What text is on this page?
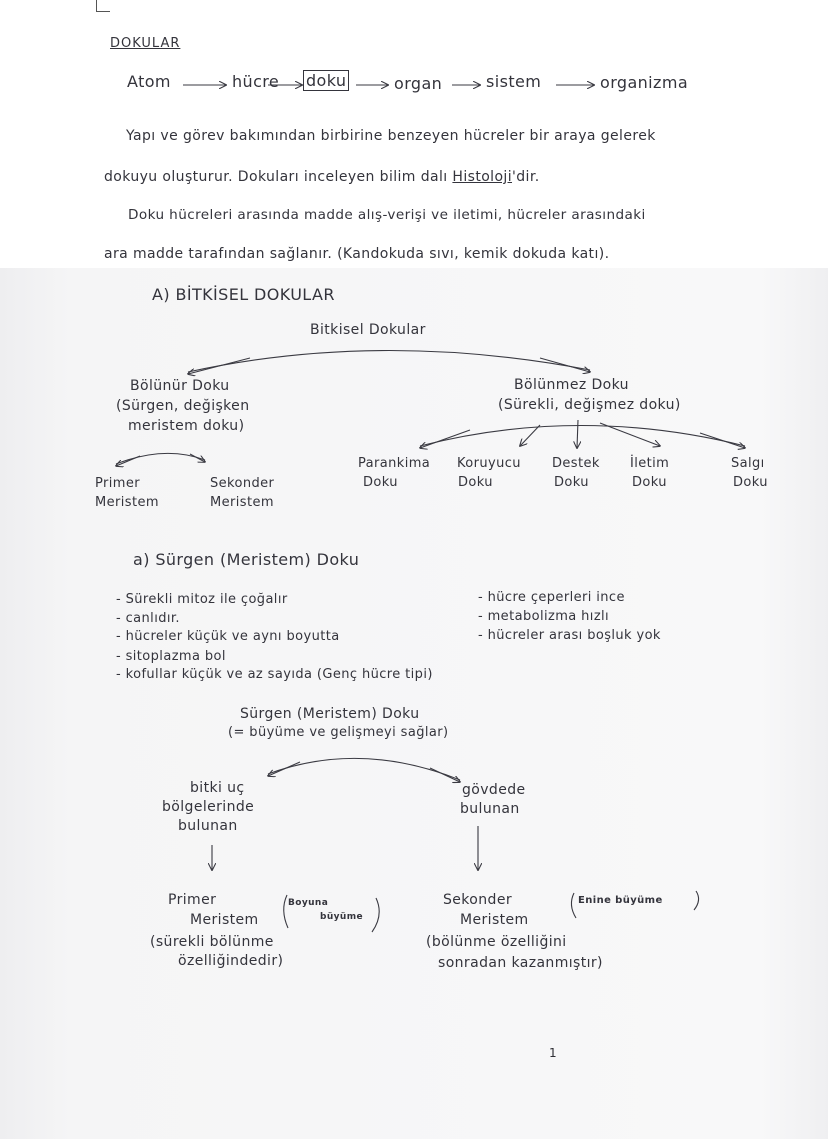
DOKULAR
Atom	hücre doku	organ	sistem	organizma
Yapı ve görev bakımından birbirine benzeyen hücreler bir araya gelerek
dokuyu oluşturur. Dokuları inceleyen bilim dalı Histoloji'dir.
Doku hücreleri arasında madde alış-verişi ve iletimi, hücreler arasındaki
ara madde tarafından sağlanır. (Kandokuda sıvı, kemik dokuda katı).
A) BİTKİSEL DOKULAR
Bitkisel Dokular
Bölünür Doku
(Sürgen, değişken
meristem doku)
Bölünmez Doku
(Sürekli, değişmez doku)
Primer
Meristem
Sekonder
Meristem
Parankima
Doku
Koruyucu
Doku
Destek
Doku
İletim
Doku
Salgı
Doku
a) Sürgen (Meristem) Doku
- Sürekli mitoz ile çoğalır
- canlıdır.
- hücreler küçük ve aynı boyutta
- sitoplazma bol
- kofullar küçük ve az sayıda (Genç hücre tipi)
- hücre çeperleri ince
- metabolizma hızlı
- hücreler arası boşluk yok
Sürgen (Meristem) Doku
(= büyüme ve gelişmeyi sağlar)
bitki uç
bölgelerinde
bulunan
gövdede
bulunan
Primer
Meristem
Boyuna
büyüme
(sürekli bölünme
özelliğindedir)
Sekonder
Meristem
Enine büyüme
(bölünme özelliğini
sonradan kazanmıştır)
1
